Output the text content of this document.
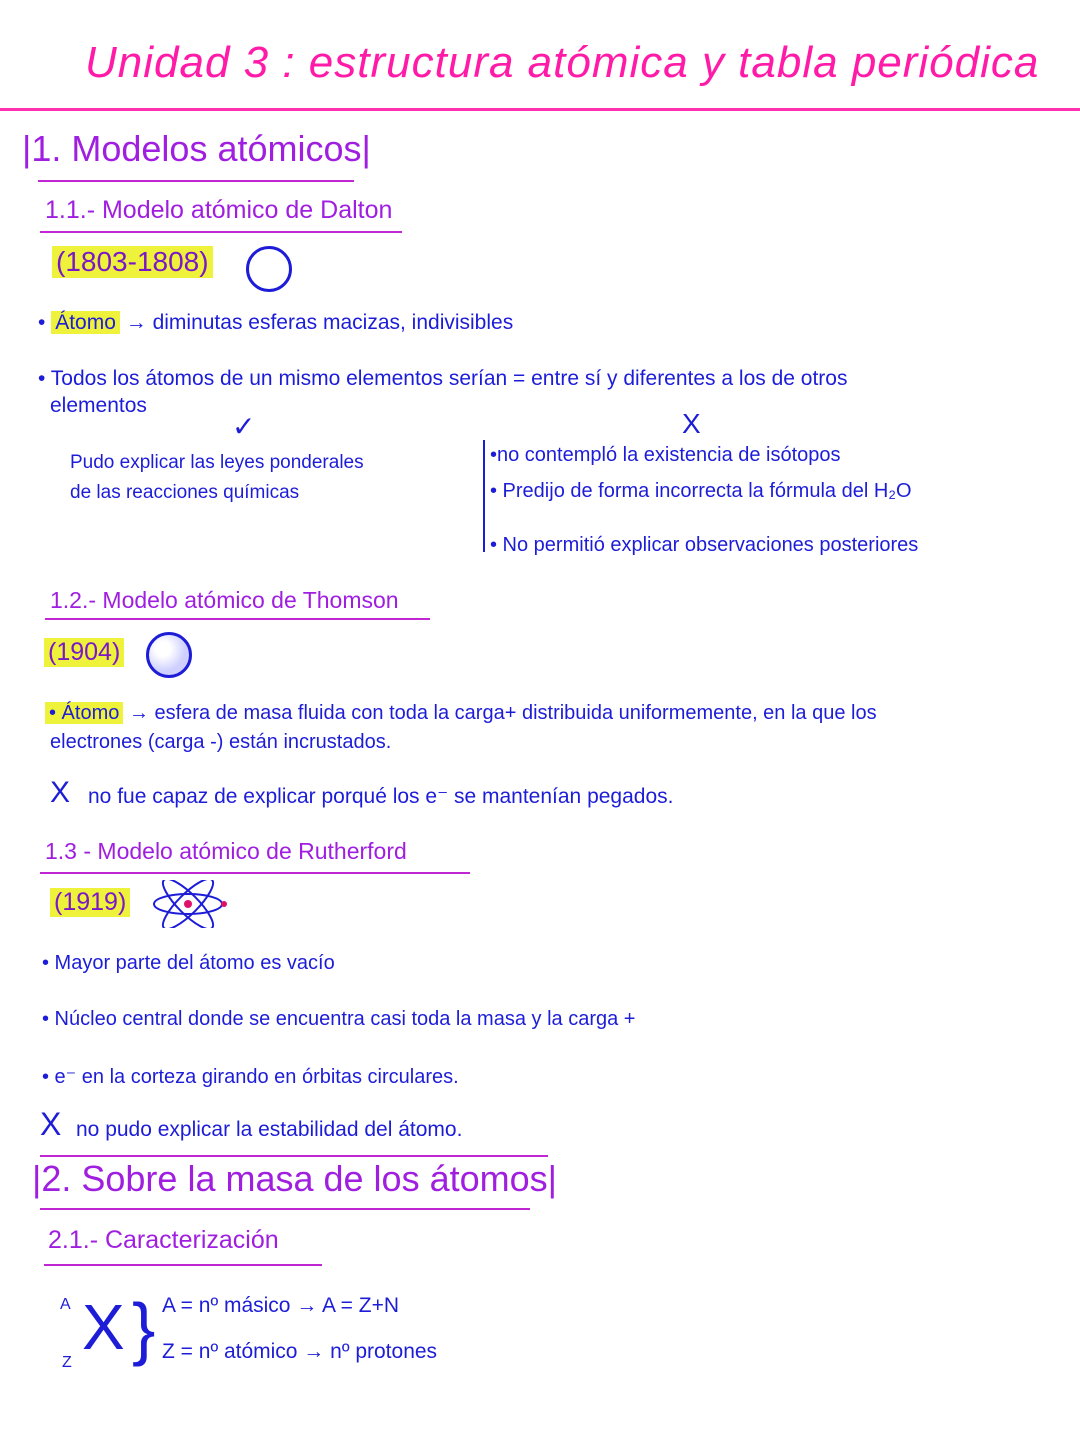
Unidad 3 : estructura atómica y tabla periódica
|1. Modelos atómicos|
1.1.- Modelo atómico de Dalton
(1803-1808)
• Átomo → diminutas esferas macizas, indivisibles
• Todos los átomos de un mismo elementos serían = entre sí y diferentes a los de otros
elementos
✓	X
Pudo explicar las leyes ponderales
de las reacciones químicas
•no contempló la existencia de isótopos
• Predijo de forma incorrecta la fórmula del H₂O
• No permitió explicar observaciones posteriores
1.2.- Modelo atómico de Thomson
(1904)
• Átomo → esfera de masa fluida con toda la carga+ distribuida uniformemente, en la que los
electrones (carga -) están incrustados.
X no fue capaz de explicar porqué los e⁻ se mantenían pegados.
1.3 - Modelo atómico de Rutherford
(1919)
• Mayor parte del átomo es vacío
• Núcleo central donde se encuentra casi toda la masa y la carga +
• e⁻ en la corteza girando en órbitas circulares.
X no pudo explicar la estabilidad del átomo.
|2. Sobre la masa de los átomos|
2.1.- Caracterización
A
Z X } A = nº másico → A = Z+N
Z = nº atómico → nº protones
